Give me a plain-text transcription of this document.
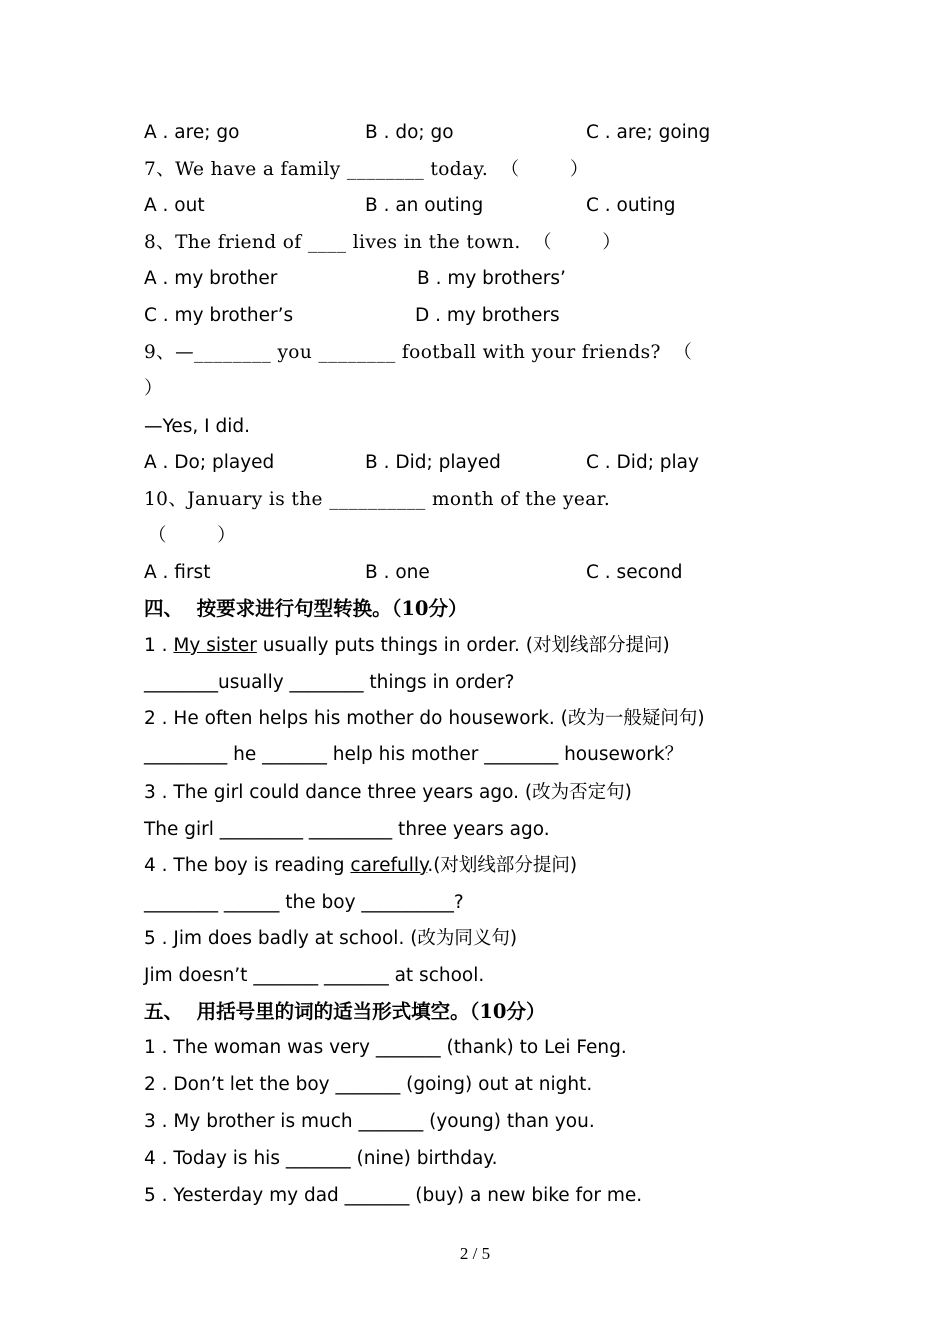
A . are; go	B . do; go	C . are; going
7、We have a family ________ today.  （        ）
A . out	B . an outing	C . outing
8、The friend of ____ lives in the town.  （        ）
A . my brother	B . my brothers’
C . my brother’s	D . my brothers
9、—________ you ________ football with your friends?  （
）
—Yes, I did.
A . Do; played	B . Did; played	C . Did; play
10、January is the __________ month of the year.
（        ）
A . first	B . one	C . second
四、  按要求进行句型转换。（10分）
1 . My sister usually puts things in order. (对划线部分提问)
________usually ________ things in order?
2 . He often helps his mother do housework. (改为一般疑问句)
_________ he _______ help his mother ________ housework？
3 . The girl could dance three years ago. (改为否定句)
The girl _________ _________ three years ago.
4 . The boy is reading carefully.(对划线部分提问)
________ ______ the boy __________?
5 . Jim does badly at school. (改为同义句)
Jim doesn’t _______ _______ at school.
五、  用括号里的词的适当形式填空。（10分）
1 . The woman was very _______ (thank) to Lei Feng.
2 . Don’t let the boy _______ (going) out at night.
3 . My brother is much _______ (young) than you.
4 . Today is his _______ (nine) birthday.
5 . Yesterday my dad _______ (buy) a new bike for me.
2 / 5
